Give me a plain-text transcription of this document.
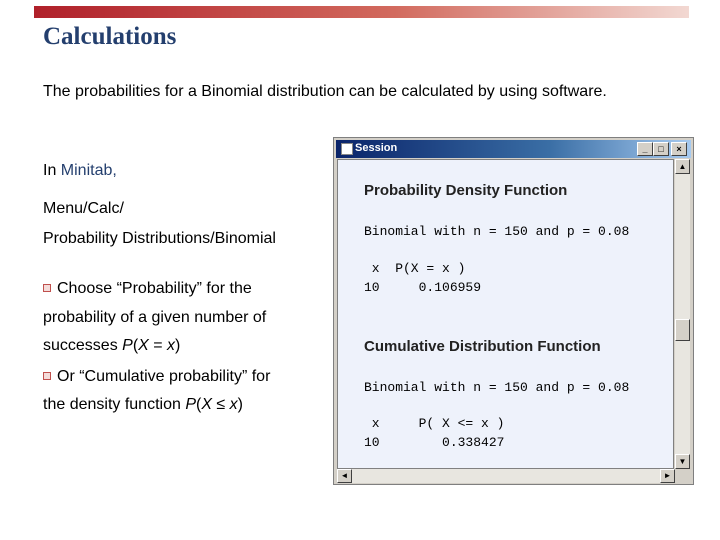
Calculations
The probabilities for a Binomial distribution can be calculated by using software.
In Minitab,
Menu/Calc/
Probability Distributions/Binomial
Choose “Probability” for the
probability of a given number of
successes P(X = x)
Or “Cumulative probability” for
the density function P(X ≤ x)
Session	_	□	×
Probability Density Function
Binomial with n = 150 and p = 0.08
x  P(X = x )
10     0.106959
Cumulative Distribution Function
Binomial with n = 150 and p = 0.08
x     P( X <= x )
10        0.338427
▲
▼
◄	►
